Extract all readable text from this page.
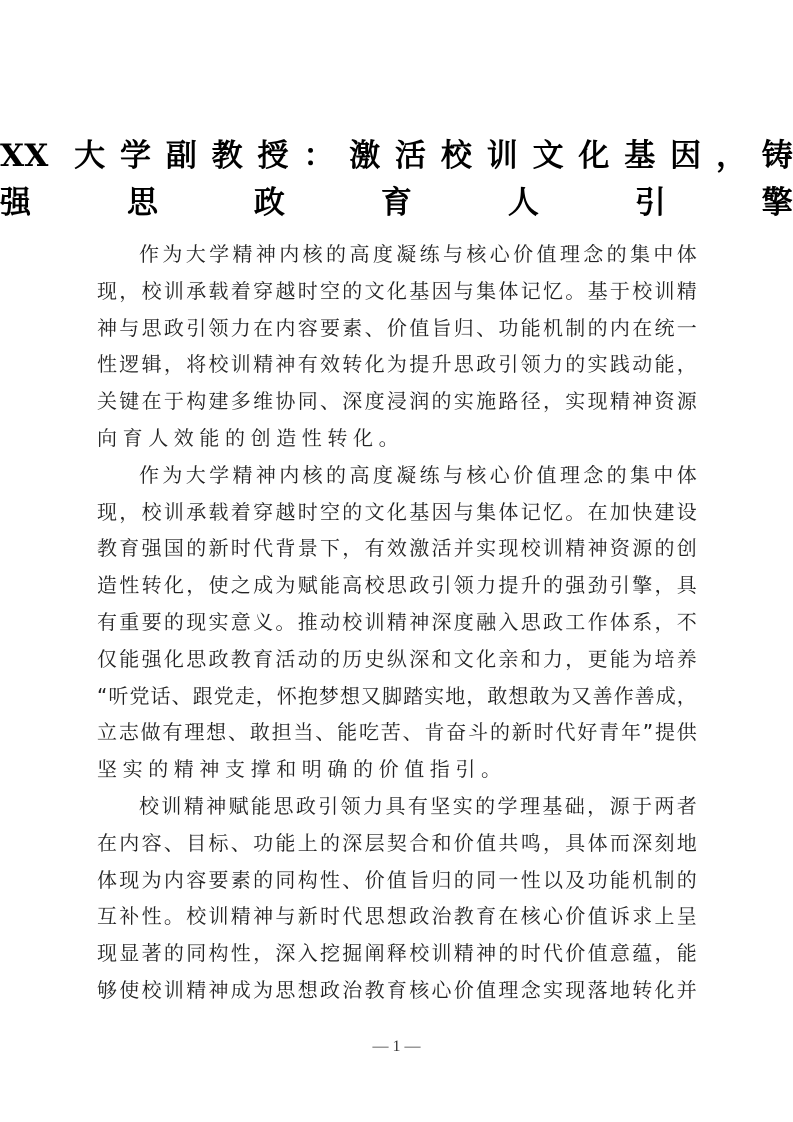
XX 大学副教授：激活校训文化基因，铸
强思政育人引擎
作为大学精神内核的高度凝练与核心价值理念的集中体
现，校训承载着穿越时空的文化基因与集体记忆。基于校训精
神与思政引领力在内容要素、价值旨归、功能机制的内在统一
性逻辑，将校训精神有效转化为提升思政引领力的实践动能，
关键在于构建多维协同、深度浸润的实施路径，实现精神资源
向育人效能的创造性转化。
作为大学精神内核的高度凝练与核心价值理念的集中体
现，校训承载着穿越时空的文化基因与集体记忆。在加快建设
教育强国的新时代背景下，有效激活并实现校训精神资源的创
造性转化，使之成为赋能高校思政引领力提升的强劲引擎，具
有重要的现实意义。推动校训精神深度融入思政工作体系，不
仅能强化思政教育活动的历史纵深和文化亲和力，更能为培养
“听党话、跟党走，怀抱梦想又脚踏实地，敢想敢为又善作善成，
立志做有理想、敢担当、能吃苦、肯奋斗的新时代好青年”提供
坚实的精神支撑和明确的价值指引。
校训精神赋能思政引领力具有坚实的学理基础，源于两者
在内容、目标、功能上的深层契合和价值共鸣，具体而深刻地
体现为内容要素的同构性、价值旨归的同一性以及功能机制的
互补性。校训精神与新时代思想政治教育在核心价值诉求上呈
现显著的同构性，深入挖掘阐释校训精神的时代价值意蕴，能
够使校训精神成为思想政治教育核心价值理念实现落地转化并
— 1 —
